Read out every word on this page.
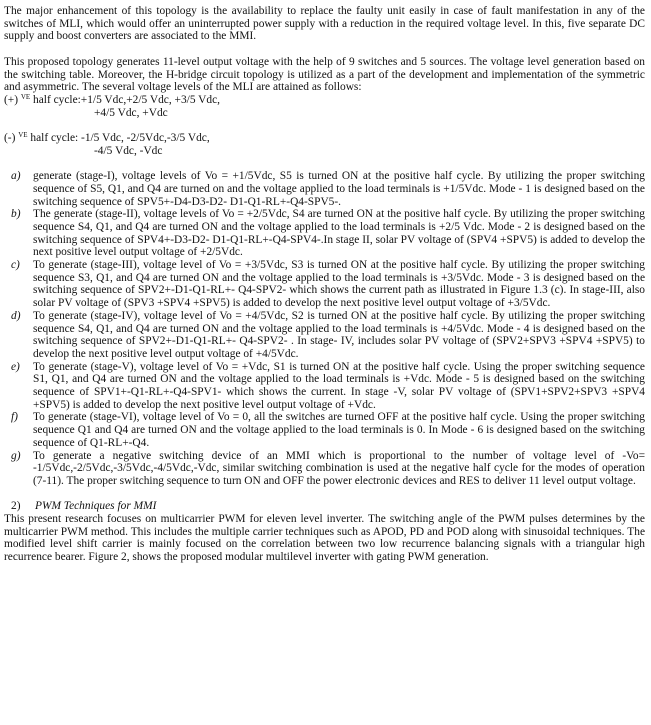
The major enhancement of this topology is the availability to replace the faulty unit easily in case of fault manifestation in any of the switches of MLI, which would offer an uninterrupted power supply with a reduction in the required voltage level. In this, five separate DC supply and boost converters are associated to the MMI.

This proposed topology generates 11-level output voltage with the help of 9 switches and 5 sources. The voltage level generation based on the switching table. Moreover, the H-bridge circuit topology is utilized as a part of the development and implementation of the symmetric and asymmetric. The several voltage levels of the MLI are attained as follows:

(+) $^{VE}$ half cycle:+1/5 Vdc,+2/5 Vdc, +3/5 Vdc,
+4/5 Vdc, +Vdc
(-) $^{VE}$ half cycle: -1/5 Vdc, -2/5Vdc,-3/5 Vdc,
-4/5 Vdc, -Vdc
a) generate (stage-I), voltage levels of Vo = +1/5Vdc, S5 is turned ON at the positive half cycle. By utilizing the proper switching sequence of S5, Q1, and Q4 are turned on and the voltage applied to the load terminals is +1/5Vdc. Mode - 1 is designed based on the switching sequence of SPV5+-D4-D3-D2- D1-Q1-RL+-Q4-SPV5-.
b) The generate (stage-II), voltage levels of Vo = +2/5Vdc, S4 are turned ON at the positive half cycle. By utilizing the proper switching sequence S4, Q1, and Q4 are turned ON and the voltage applied to the load terminals is +2/5 Vdc. Mode - 2 is designed based on the switching sequence of SPV4+-D3-D2- D1-Q1-RL+-Q4-SPV4-.In stage II, solar PV voltage of (SPV4 +SPV5) is added to develop the next positive level output voltage of +2/5Vdc.
c) To generate (stage-III), voltage level of Vo = +3/5Vdc, S3 is turned ON at the positive half cycle. By utilizing the proper switching sequence S3, Q1, and Q4 are turned ON and the voltage applied to the load terminals is +3/5Vdc. Mode - 3 is designed based on the switching sequence of SPV2+-D1-Q1-RL+- Q4-SPV2- which shows the current path as illustrated in Figure 1.3 (c). In stage-III, also solar PV voltage of (SPV3 +SPV4 +SPV5) is added to develop the next positive level output voltage of +3/5Vdc.
d) To generate (stage-IV), voltage level of Vo = +4/5Vdc, S2 is turned ON at the positive half cycle. By utilizing the proper switching sequence S4, Q1, and Q4 are turned ON and the voltage applied to the load terminals is +4/5Vdc. Mode - 4 is designed based on the switching sequence of SPV2+-D1-Q1-RL+- Q4-SPV2- . In stage- IV, includes solar PV voltage of (SPV2+SPV3 +SPV4 +SPV5) to develop the next positive level output voltage of +4/5Vdc.
e) To generate (stage-V), voltage level of Vo = +Vdc, S1 is turned ON at the positive half cycle. Using the proper switching sequence S1, Q1, and Q4 are turned ON and the voltage applied to the load terminals is +Vdc. Mode - 5 is designed based on the switching sequence of SPV1+-Q1-RL+-Q4-SPV1- which shows the current. In stage -V, solar PV voltage of (SPV1+SPV2+SPV3 +SPV4 +SPV5) is added to develop the next positive level output voltage of +Vdc.
f) To generate (stage-VI), voltage level of Vo = 0, all the switches are turned OFF at the positive half cycle. Using the proper switching sequence Q1 and Q4 are turned ON and the voltage applied to the load terminals is 0. In Mode - 6 is designed based on the switching sequence of Q1-RL+-Q4.
g) To generate a negative switching device of an MMI which is proportional to the number of voltage level of -Vo= -1/5Vdc,-2/5Vdc,-3/5Vdc,-4/5Vdc,-Vdc, similar switching combination is used at the negative half cycle for the modes of operation (7-11). The proper switching sequence to turn ON and OFF the power electronic devices and RES to deliver 11 level output voltage.
2) PWM Techniques for MMI

This present research focuses on multicarrier PWM for eleven level inverter. The switching angle of the PWM pulses determines by the multicarrier PWM method. This includes the multiple carrier techniques such as APOD, PD and POD along with sinusoidal techniques. The modified level shift carrier is mainly focused on the correlation between two low recurrence balancing signals with a triangular high recurrence bearer. Figure 2, shows the proposed modular multilevel inverter with gating PWM generation.
